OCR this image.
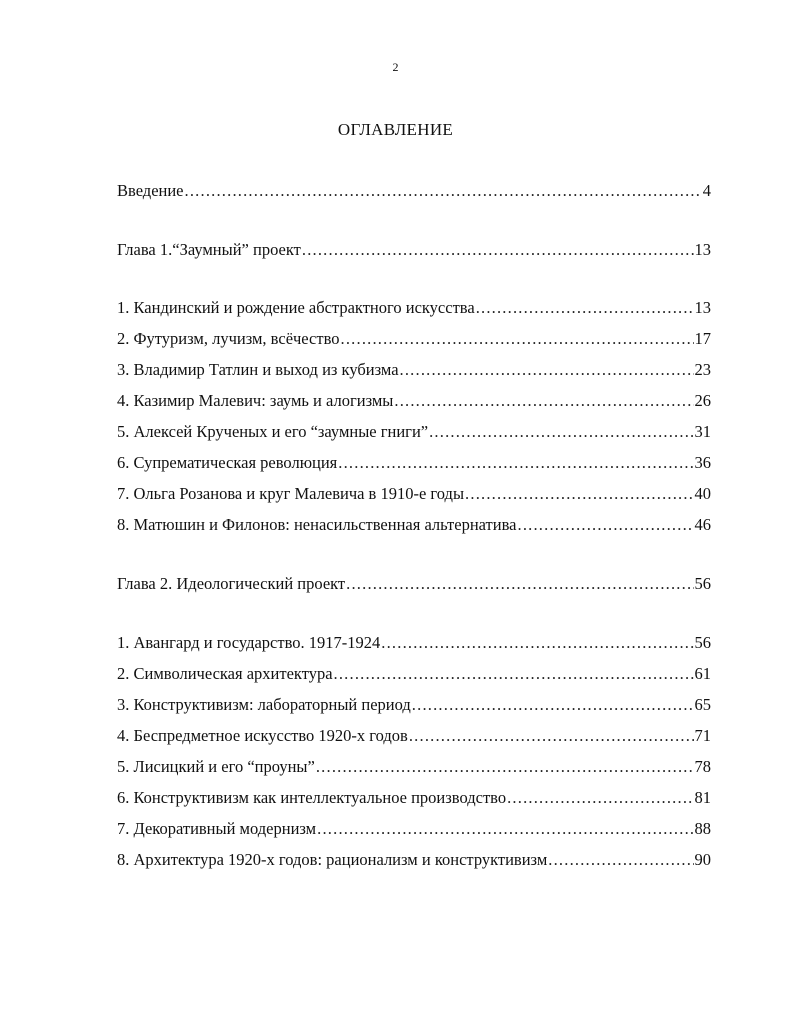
2
ОГЛАВЛЕНИЕ
Введение .....	4
Глава 1.“Заумный” проект .....	13
1. Кандинский и рождение абстрактного искусства .....	13
2. Футуризм, лучизм, всёчество .....	17
3. Владимир Татлин и выход из кубизма .....	23
4. Казимир Малевич: заумь и алогизмы .....	26
5. Алексей Крученых и его “заумные гниги” .....	31
6. Супрематическая революция .....	36
7. Ольга Розанова и круг Малевича в 1910-е годы .....	40
8. Матюшин и Филонов: ненасильственная альтернатива .....	46
Глава 2. Идеологический проект .....	56
1. Авангард и государство. 1917-1924 .....	56
2. Символическая архитектура .....	61
3. Конструктивизм: лабораторный период .....	65
4. Беспредметное искусство 1920-х годов .....	71
5. Лисицкий и его “проуны” .....	78
6. Конструктивизм как интеллектуальное производство .....	81
7. Декоративный модернизм .....	88
8. Архитектура 1920-х годов: рационализм и конструктивизм .....	90
